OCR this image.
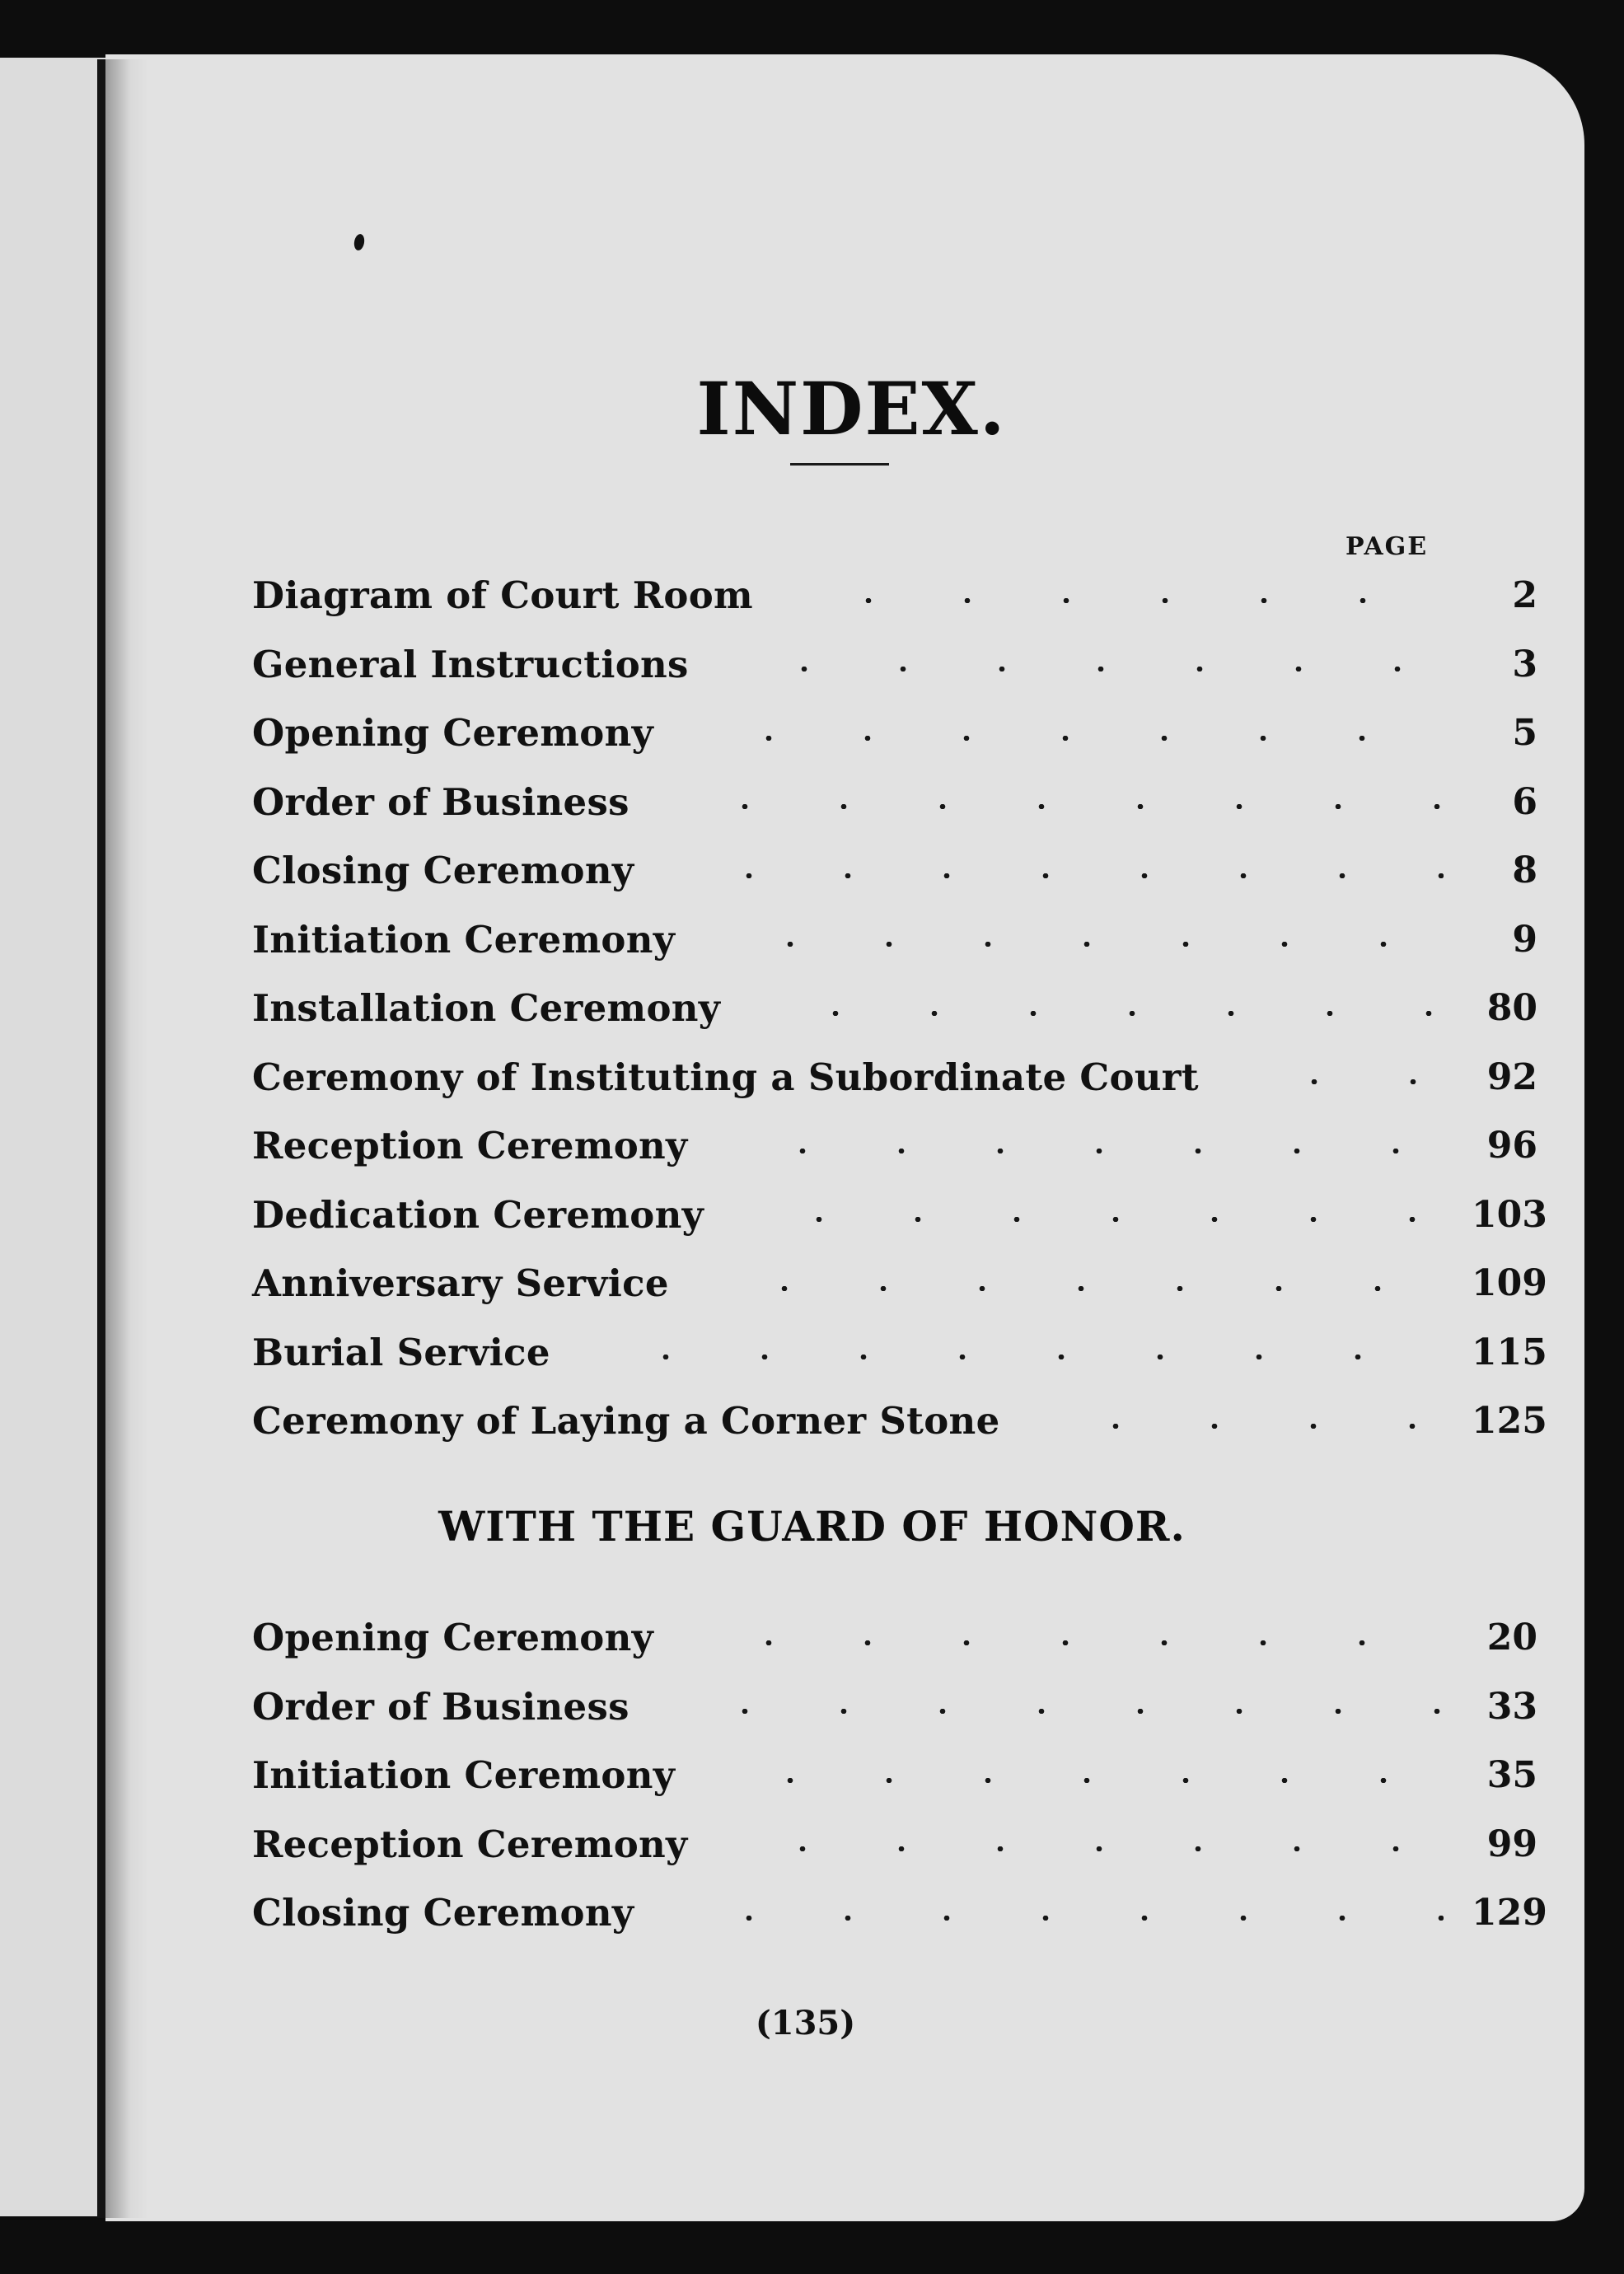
INDEX.
PAGE
Diagram of Court Room	2
General Instructions	3
Opening Ceremony	5
Order of Business	6
Closing Ceremony	8
Initiation Ceremony	9
Installation Ceremony	80
Ceremony of Instituting a Subordinate Court	92
Reception Ceremony	96
Dedication Ceremony	103
Anniversary Service	109
Burial Service	115
Ceremony of Laying a Corner Stone	125
WITH THE GUARD OF HONOR.
Opening Ceremony	20
Order of Business	33
Initiation Ceremony	35
Reception Ceremony	99
Closing Ceremony	129
(135)
